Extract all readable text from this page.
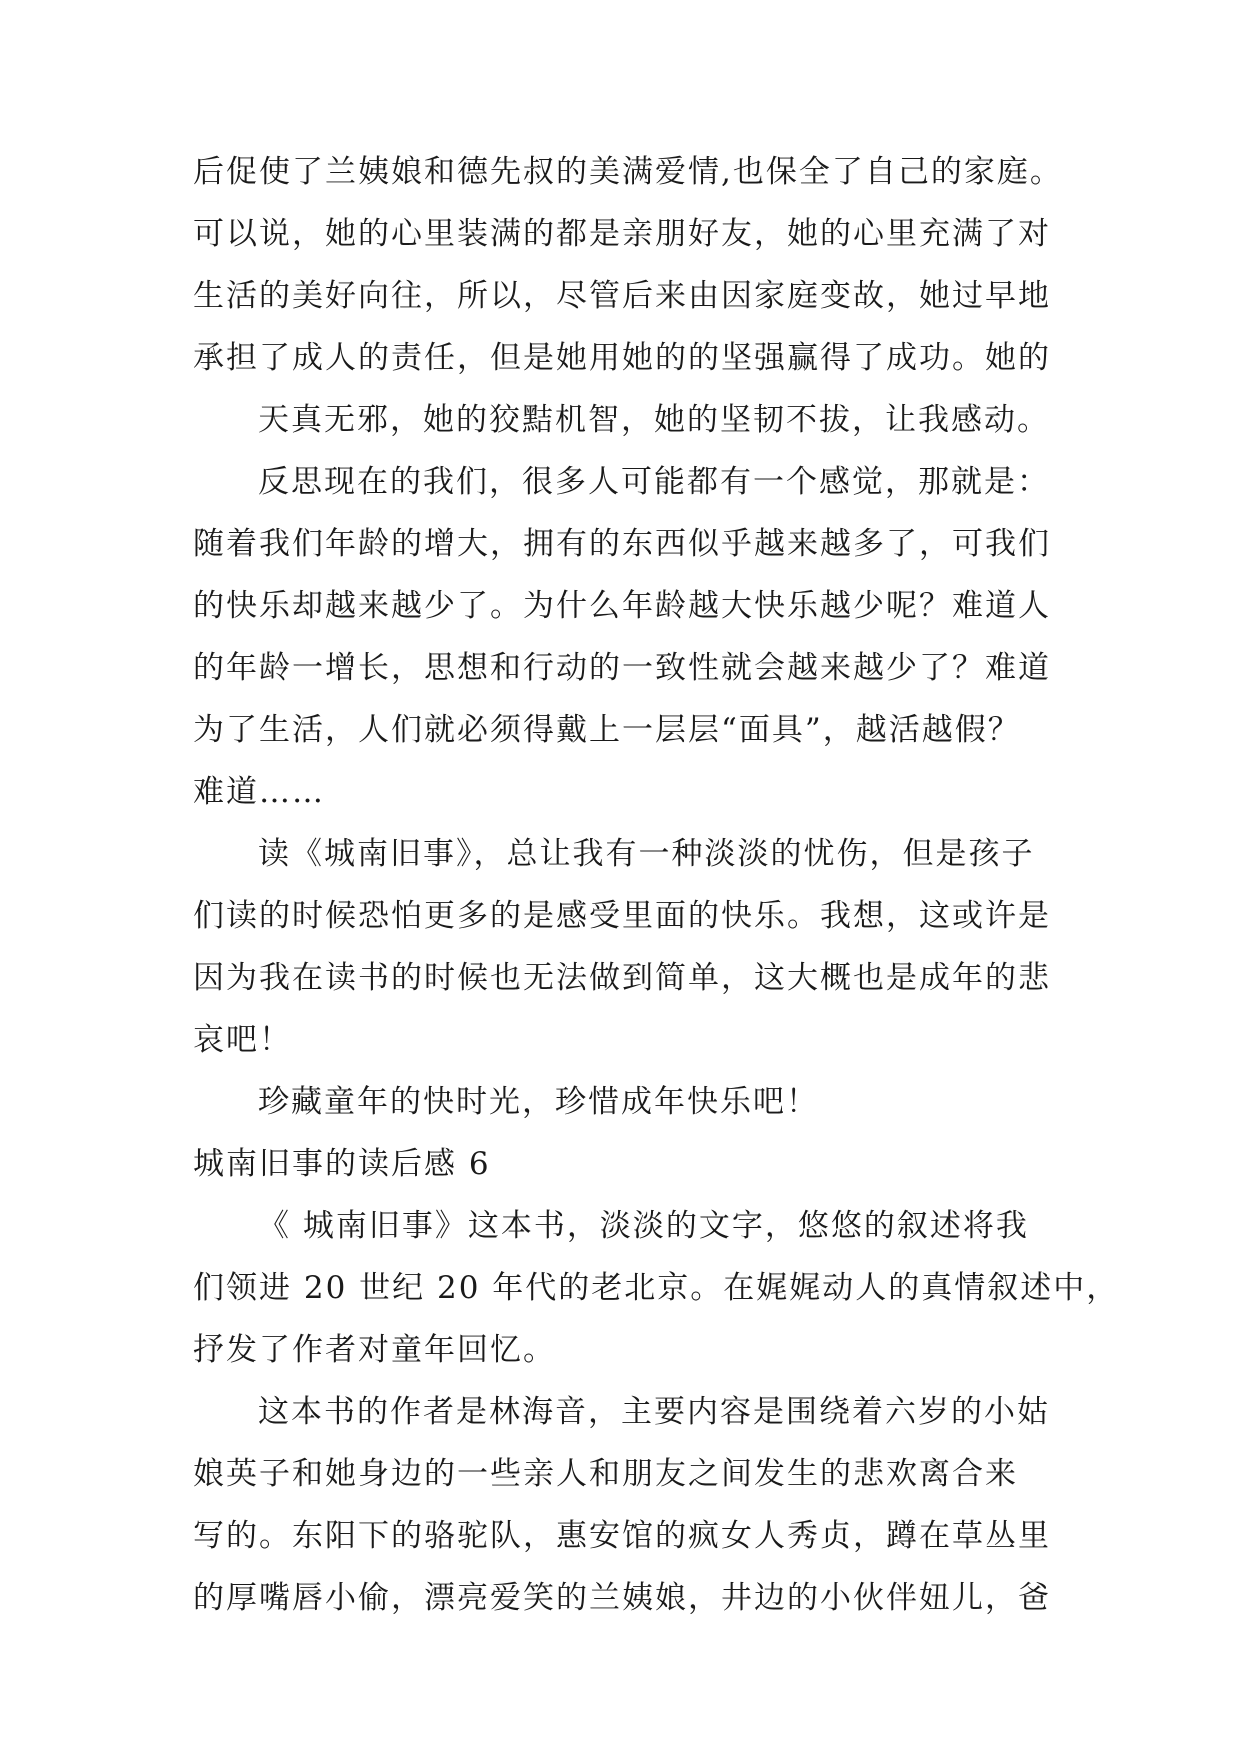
后促使了兰姨娘和德先叔的美满爱情,也保全了自己的家庭。
可以说，她的心里装满的都是亲朋好友，她的心里充满了对
生活的美好向往，所以，尽管后来由因家庭变故，她过早地
承担了成人的责任，但是她用她的的坚强赢得了成功。她的
天真无邪，她的狡黠机智，她的坚韧不拔，让我感动。
反思现在的我们，很多人可能都有一个感觉，那就是：
随着我们年龄的增大，拥有的东西似乎越来越多了，可我们
的快乐却越来越少了。为什么年龄越大快乐越少呢？难道人
的年龄一增长，思想和行动的一致性就会越来越少了？难道
为了生活，人们就必须得戴上一层层“面具”，越活越假？
难道……
读《城南旧事》，总让我有一种淡淡的忧伤，但是孩子
们读的时候恐怕更多的是感受里面的快乐。我想，这或许是
因为我在读书的时候也无法做到简单，这大概也是成年的悲
哀吧！
珍藏童年的快时光，珍惜成年快乐吧！
城南旧事的读后感 6
《 城南旧事》这本书，淡淡的文字，悠悠的叙述将我
们领进 20 世纪 20 年代的老北京。在娓娓动人的真情叙述中，
抒发了作者对童年回忆。
这本书的作者是林海音，主要内容是围绕着六岁的小姑
娘英子和她身边的一些亲人和朋友之间发生的悲欢离合来
写的。东阳下的骆驼队，惠安馆的疯女人秀贞，蹲在草丛里
的厚嘴唇小偷，漂亮爱笑的兰姨娘，井边的小伙伴妞儿，爸
